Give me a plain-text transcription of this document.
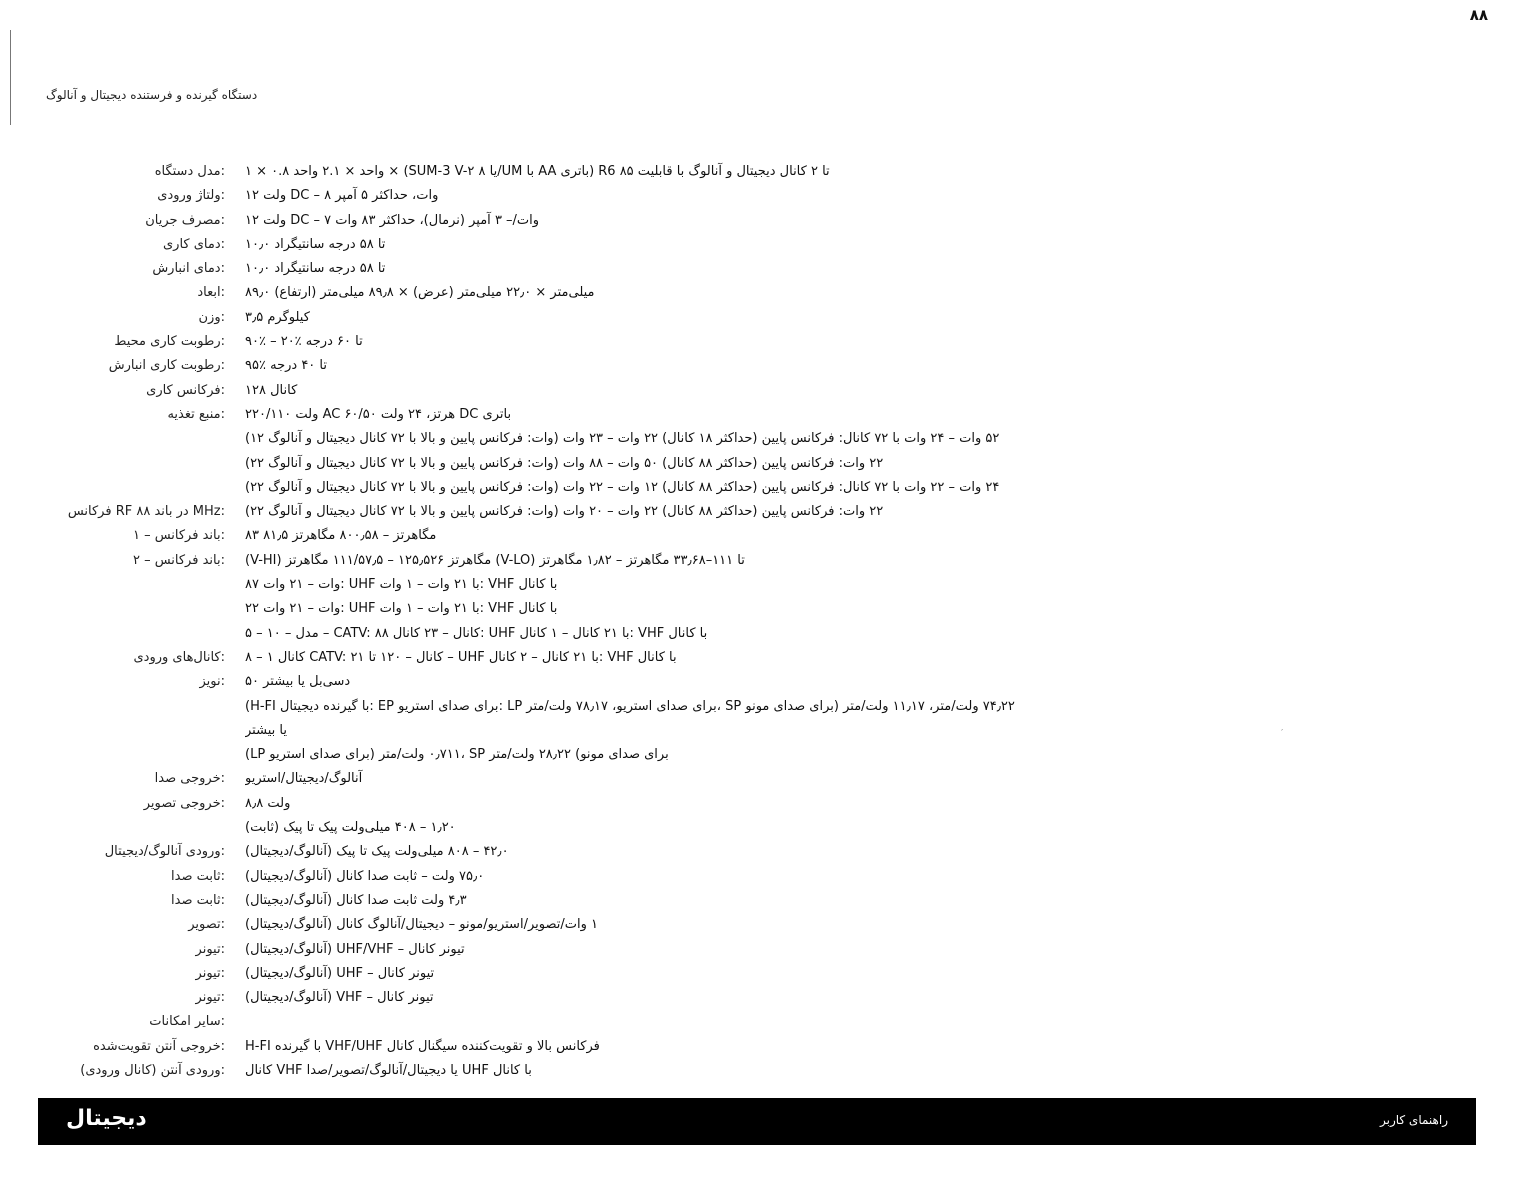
۸۸
دستگاه گیرنده و فرستنده دیجیتال و آنالوگ
مدل دستگاه:	۱ × ۰.۸ واحد × ۲.۱ واحد × (SUM-3 V-۲ یا ۸/UM با AA باتری) R6 تا ۲ کانال دیجیتال و آنالوگ با قابلیت ۸۵
ولتاژ ورودی:	۱۲ ولت DC – ۸ وات، حداکثر ۵ آمپر
مصرف جریان:	۱۲ ولت DC – ۷ وات/– ۳ آمپر (نرمال)، حداکثر ۸۳ وات
دمای کاری:	۱۰٫۰ تا ۵۸ درجه سانتیگراد
دمای انبارش:	۱۰٫۰ تا ۵۸ درجه سانتیگراد
ابعاد:	۸۹٫۰ میلی‌متر × ۲۲٫۰ میلی‌متر (عرض) × ۸۹٫۸ میلی‌متر (ارتفاع)
وزن:	۳٫۵ کیلوگرم
رطوبت کاری محیط:	۹۰٪ – ۲۰٪ تا ۶۰ درجه
رطوبت کاری انبارش:	۹۵٪ تا ۴۰ درجه
فرکانس کاری:	۱۲۸ کانال
منبع تغذیه:	۲۲۰/۱۱۰ ولت AC ۶۰/۵۰ هرتز، ۲۴ ولت DC باتری
(۱۲ وات: فرکانس پایین و بالا با ۷۲ کانال دیجیتال و آنالوگ) ۵۲ وات – ۲۴ وات با ۷۲ کانال: فرکانس پایین (حداکثر ۱۸ کانال) ۲۲ وات – ۲۳ وات
(۲۲ وات: فرکانس پایین و بالا با ۷۲ کانال دیجیتال و آنالوگ) ۲۲ وات: فرکانس پایین (حداکثر ۸۸ کانال) ۵۰ وات – ۸۸ وات
(۲۲ وات: فرکانس پایین و بالا با ۷۲ کانال دیجیتال و آنالوگ) ۲۴ وات – ۲۲ وات با ۷۲ کانال: فرکانس پایین (حداکثر ۸۸ کانال) ۱۲ وات – ۲۲ وات
فرکانس RF در باند ۸۸ MHz:	(۲۲ وات: فرکانس پایین و بالا با ۷۲ کانال دیجیتال و آنالوگ) ۲۲ وات: فرکانس پایین (حداکثر ۸۸ کانال) ۲۲ وات – ۲۰ وات
باند فرکانس – ۱:	۸۳ ۸۱٫۵ مگاهرتز – ۸۰۰٫۵۸ مگاهرتز
باند فرکانس – ۲:	(V-HI) مگاهرتز ۱۲۵٫۵۲۶ – ۱۱۱/۵۷٫۵ مگاهرتز (V-LO) تا ۱۱۱–۳۳٫۶۸ مگاهرتز – ۱٫۸۲ مگاهرتز
۸۷ وات – ۲۱ وات: UHF با ۲۱ وات – ۱ وات: VHF با کانال
۲۲ وات – ۲۱ وات: UHF با ۲۱ وات – ۱ وات: VHF با کانال
مدل – ۱۰ – ۵ – CATV: ۸۸ کانال – ۲۳ کانال: UHF با ۲۱ کانال – ۱ کانال: VHF با کانال
کانال‌های ورودی:	۸ – ۱ کانال CATV: کانال – ۱۲۰ تا ۲۱ – UHF با ۲۱ کانال – ۲ کانال: VHF با کانال
نویز:	۵۰ دسی‌بل یا بیشتر
(H-FI با گیرنده دیجیتال: EP برای صدای استریو: LP برای صدای استریو، ۷۸٫۱۷ ولت/متر، SP برای صدای مونو) ۷۴٫۲۲ ولت/متر، ۱۱٫۱۷ ولت/متر
یا بیشتر
(LP برای صدای استریو) ۰٫۷۱۱ ولت/متر، SP برای صدای مونو) ۲۸٫۲۲ ولت/متر
خروجی صدا:	آنالوگ/دیجیتال/استریو
خروجی تصویر:	۸٫۸ ولت
(ثابت) ۱٫۲۰ – ۴۰۸ میلی‌ولت پیک تا پیک
ورودی آنالوگ/دیجیتال:	(آنالوگ/دیجیتال) ۴۲٫۰ – ۸۰۸ میلی‌ولت پیک تا پیک
ثابت صدا:	(آنالوگ/دیجیتال) ۷۵٫۰ ولت – ثابت صدا کانال
ثابت صدا:	(آنالوگ/دیجیتال) ۴٫۳ ولت ثابت صدا کانال
تصویر:	(آنالوگ/دیجیتال) ۱ وات/تصویر/استریو/مونو – دیجیتال/آنالوگ کانال
تیونر:	(آنالوگ/دیجیتال) UHF/VHF – تیونر کانال
تیونر:	(آنالوگ/دیجیتال) UHF – تیونر کانال
تیونر:	(آنالوگ/دیجیتال) VHF – تیونر کانال
سایر امکانات:
خروجی آنتن تقویت‌شده:	H-FI با گیرنده VHF/UHF فرکانس بالا و تقویت‌کننده سیگنال کانال
ورودی آنتن (کانال ورودی):	کانال VHF یا دیجیتال/آنالوگ/تصویر/صدا UHF با کانال
′
دیجیتال	راهنمای کاربر
